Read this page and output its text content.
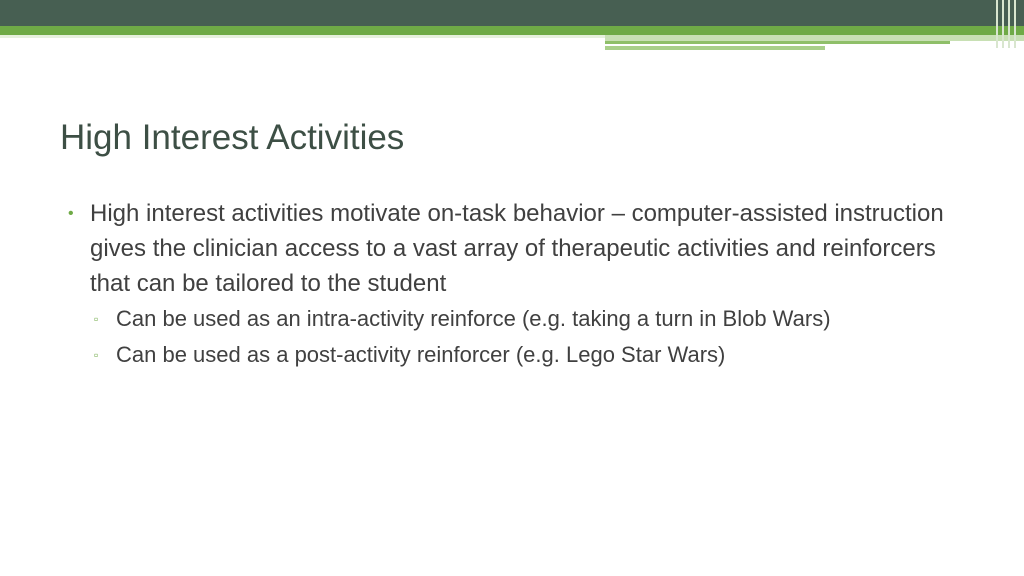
High Interest Activities
• High interest activities motivate on-task behavior – computer-assisted instruction gives the clinician access to a vast array of therapeutic activities and reinforcers that can be tailored to the student
▫ Can be used as an intra-activity reinforce (e.g. taking a turn in Blob Wars)
▫ Can be used as a post-activity reinforcer (e.g. Lego Star Wars)
